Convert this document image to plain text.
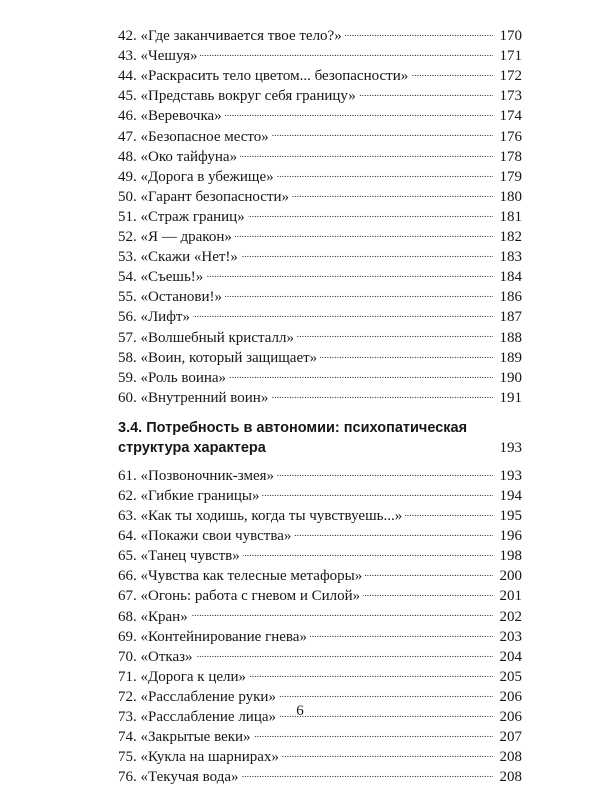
42. «Где заканчивается твое тело?» . . .	170
43. «Чешуя» . . .	171
44. «Раскрасить тело цветом... безопасности» . . .	172
45. «Представь вокруг себя границу» . . .	173
46. «Веревочка» . . .	174
47. «Безопасное место» . . .	176
48. «Око тайфуна» . . .	178
49. «Дорога в убежище» . . .	179
50. «Гарант безопасности» . . .	180
51. «Страж границ» . . .	181
52. «Я — дракон» . . .	182
53. «Скажи «Нет!» . . .	183
54. «Съешь!» . . .	184
55. «Останови!» . . .	186
56. «Лифт» . . .	187
57. «Волшебный кристалл» . . .	188
58. «Воин, который защищает» . . .	189
59. «Роль воина» . . .	190
60. «Внутренний воин» . . .	191
3.4. Потребность в автономии: психопатическая
структура характера	193
61. «Позвоночник-змея» . . .	193
62. «Гибкие границы» . . .	194
63. «Как ты ходишь, когда ты чувствуешь...» . . .	195
64. «Покажи свои чувства» . . .	196
65. «Танец чувств» . . .	198
66. «Чувства как телесные метафоры» . . .	200
67. «Огонь: работа с гневом и Силой» . . .	201
68. «Кран» . . .	202
69. «Контейнирование гнева» . . .	203
70. «Отказ» . . .	204
71. «Дорога к цели» . . .	205
72. «Расслабление руки» . . .	206
73. «Расслабление лица» . . .	206
74. «Закрытые веки» . . .	207
75. «Кукла на шарнирах» . . .	208
76. «Текучая вода» . . .	208
6
